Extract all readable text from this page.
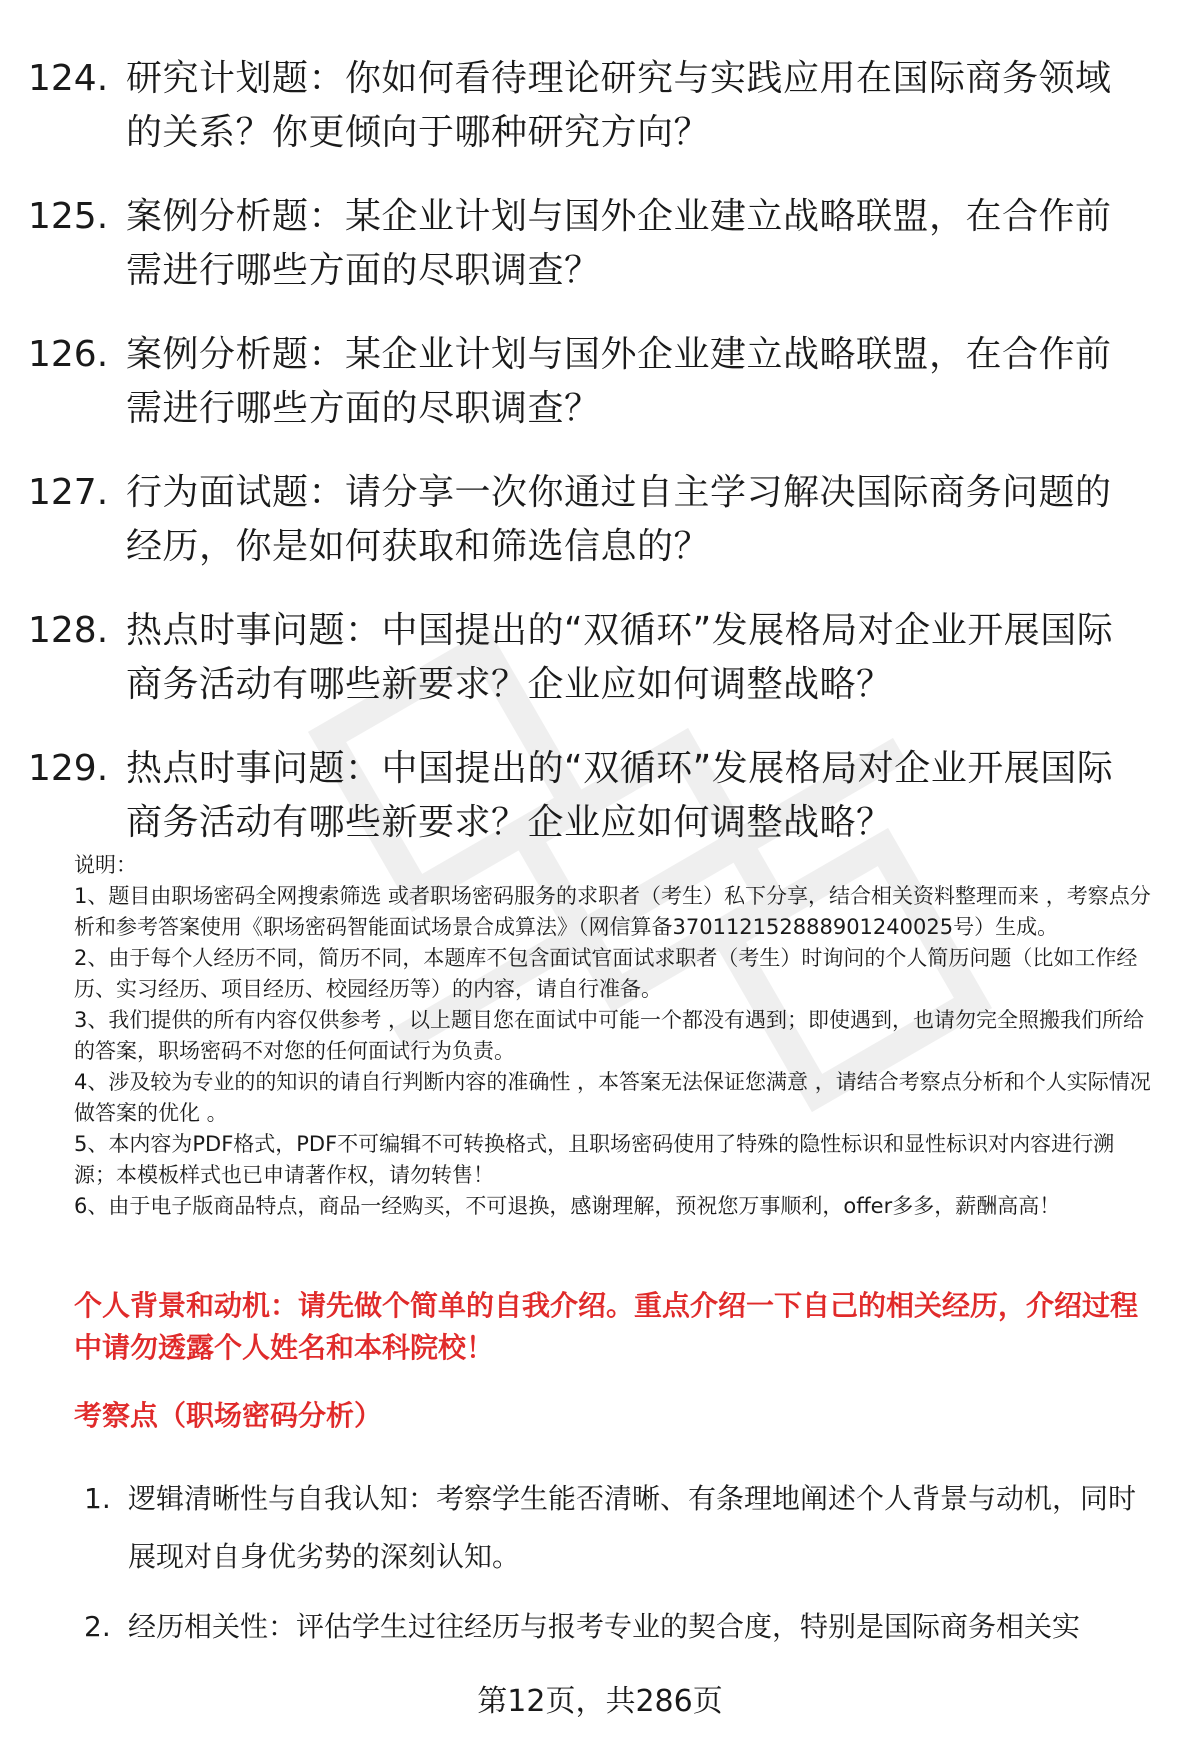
124. 研究计划题：你如何看待理论研究与实践应用在国际商务领域的关系？你更倾向于哪种研究方向？
125. 案例分析题：某企业计划与国外企业建立战略联盟，在合作前需进行哪些方面的尽职调查？
126. 案例分析题：某企业计划与国外企业建立战略联盟，在合作前需进行哪些方面的尽职调查？
127. 行为面试题：请分享一次你通过自主学习解决国际商务问题的经历，你是如何获取和筛选信息的？
128. 热点时事问题：中国提出的“双循环”发展格局对企业开展国际商务活动有哪些新要求？企业应如何调整战略？
129. 热点时事问题：中国提出的“双循环”发展格局对企业开展国际商务活动有哪些新要求？企业应如何调整战略？

说明：

1、题目由职场密码全网搜索筛选 或者职场密码服务的求职者（考生）私下分享，结合相关资料整理而来 ，考察点分析和参考答案使用《职场密码智能面试场景合成算法》（网信算备370112152888901240025号）生成。

2、由于每个人经历不同，简历不同，本题库不包含面试官面试求职者（考生）时询问的个人简历问题（比如工作经历、实习经历、项目经历、校园经历等）的内容，请自行准备。

3、我们提供的所有内容仅供参考 ，以上题目您在面试中可能一个都没有遇到；即使遇到，也请勿完全照搬我们所给的答案，职场密码不对您的任何面试行为负责。

4、涉及较为专业的的知识的请自行判断内容的准确性 ，本答案无法保证您满意 ，请结合考察点分析和个人实际情况做答案的优化 。

5、本内容为PDF格式，PDF不可编辑不可转换格式，且职场密码使用了特殊的隐性标识和显性标识对内容进行溯源；本模板样式也已申请著作权，请勿转售！

6、由于电子版商品特点，商品一经购买，不可退换，感谢理解，预祝您万事顺利，offer多多，薪酬高高！

个人背景和动机：请先做个简单的自我介绍。重点介绍一下自己的相关经历，介绍过程中请勿透露个人姓名和本科院校！
考察点（职场密码分析）
1. 逻辑清晰性与自我认知：考察学生能否清晰、有条理地阐述个人背景与动机，同时展现对自身优劣势的深刻认知。
2. 经历相关性：评估学生过往经历与报考专业的契合度，特别是国际商务相关实
第12页，共286页
